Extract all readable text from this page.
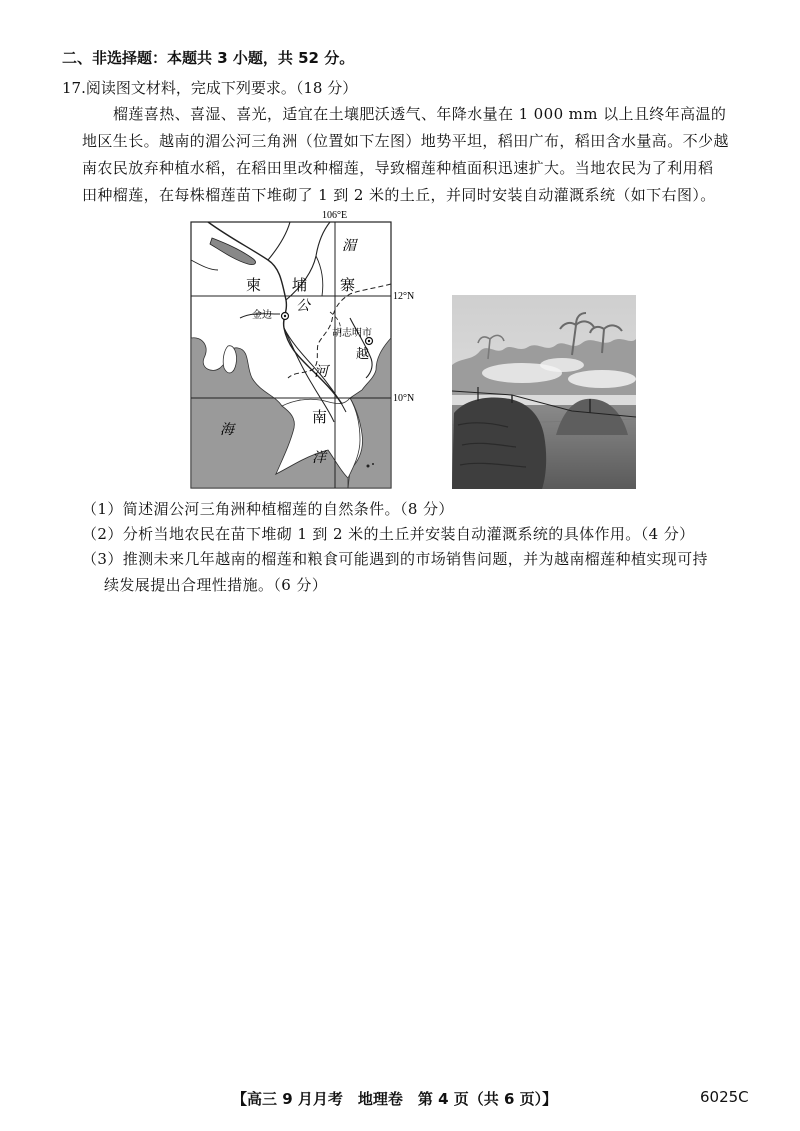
二、非选择题：本题共 3 小题，共 52 分。
17.阅读图文材料，完成下列要求。（18 分）
榴莲喜热、喜湿、喜光，适宜在土壤肥沃透气、年降水量在 1 000 mm 以上且终年高温的
地区生长。越南的湄公河三角洲（位置如下左图）地势平坦，稻田广布，稻田含水量高。不少越
南农民放弃种植水稻，在稻田里改种榴莲，导致榴莲种植面积迅速扩大。当地农民为了利用稻
田种榴莲，在每株榴莲苗下堆砌了 1 到 2 米的土丘，并同时安装自动灌溉系统（如下右图）。
106°E
12°N
10°N
柬 埔 寨
湄
公
河
金边
胡志明市
越
南
海
洋
（1）简述湄公河三角洲种植榴莲的自然条件。（8 分）
（2）分析当地农民在苗下堆砌 1 到 2 米的土丘并安装自动灌溉系统的具体作用。（4 分）
（3）推测未来几年越南的榴莲和粮食可能遇到的市场销售问题，并为越南榴莲种植实现可持
续发展提出合理性措施。（6 分）
【高三 9 月月考　地理卷　第 4 页（共 6 页）】	6025C
